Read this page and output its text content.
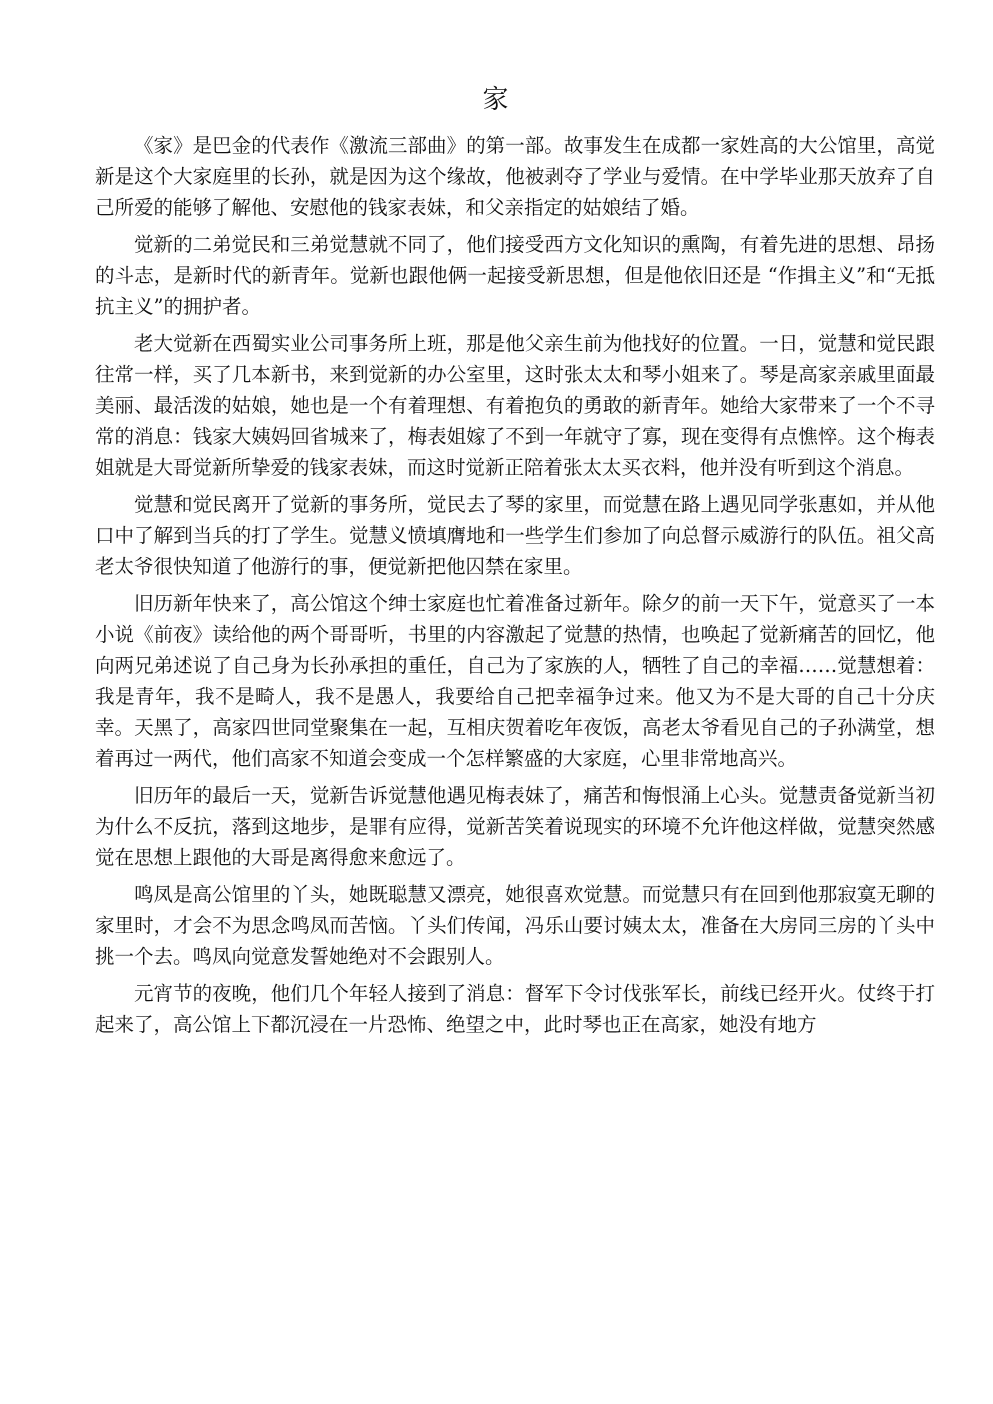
家

《家》是巴金的代表作《激流三部曲》的第一部。故事发生在成都一家姓高的大公馆里，高觉新是这个大家庭里的长孙，就是因为这个缘故，他被剥夺了学业与爱情。在中学毕业那天放弃了自己所爱的能够了解他、安慰他的钱家表妹，和父亲指定的姑娘结了婚。

觉新的二弟觉民和三弟觉慧就不同了，他们接受西方文化知识的熏陶，有着先进的思想、昂扬的斗志，是新时代的新青年。觉新也跟他俩一起接受新思想，但是他依旧还是 “作揖主义”和“无抵抗主义”的拥护者。

老大觉新在西蜀实业公司事务所上班，那是他父亲生前为他找好的位置。一日，觉慧和觉民跟往常一样，买了几本新书，来到觉新的办公室里，这时张太太和琴小姐来了。琴是高家亲戚里面最美丽、最活泼的姑娘，她也是一个有着理想、有着抱负的勇敢的新青年。她给大家带来了一个不寻常的消息：钱家大姨妈回省城来了，梅表姐嫁了不到一年就守了寡，现在变得有点憔悴。这个梅表姐就是大哥觉新所挚爱的钱家表妹，而这时觉新正陪着张太太买衣料，他并没有听到这个消息。

觉慧和觉民离开了觉新的事务所，觉民去了琴的家里，而觉慧在路上遇见同学张惠如，并从他口中了解到当兵的打了学生。觉慧义愤填膺地和一些学生们参加了向总督示威游行的队伍。祖父高老太爷很快知道了他游行的事，便觉新把他囚禁在家里。

旧历新年快来了，高公馆这个绅士家庭也忙着准备过新年。除夕的前一天下午，觉意买了一本小说《前夜》读给他的两个哥哥听，书里的内容激起了觉慧的热情，也唤起了觉新痛苦的回忆，他向两兄弟述说了自己身为长孙承担的重任，自己为了家族的人，牺牲了自己的幸福……觉慧想着：我是青年，我不是畸人，我不是愚人，我要给自己把幸福争过来。他又为不是大哥的自己十分庆幸。天黑了，高家四世同堂聚集在一起，互相庆贺着吃年夜饭，高老太爷看见自己的子孙满堂，想着再过一两代，他们高家不知道会变成一个怎样繁盛的大家庭，心里非常地高兴。

旧历年的最后一天，觉新告诉觉慧他遇见梅表妹了，痛苦和悔恨涌上心头。觉慧责备觉新当初为什么不反抗，落到这地步，是罪有应得，觉新苦笑着说现实的环境不允许他这样做，觉慧突然感觉在思想上跟他的大哥是离得愈来愈远了。

鸣凤是高公馆里的丫头，她既聪慧又漂亮，她很喜欢觉慧。而觉慧只有在回到他那寂寞无聊的家里时，才会不为思念鸣凤而苦恼。丫头们传闻，冯乐山要讨姨太太，准备在大房同三房的丫头中挑一个去。鸣凤向觉意发誓她绝对不会跟别人。

元宵节的夜晚，他们几个年轻人接到了消息：督军下令讨伐张军长，前线已经开火。仗终于打起来了，高公馆上下都沉浸在一片恐怖、绝望之中，此时琴也正在高家，她没有地方
